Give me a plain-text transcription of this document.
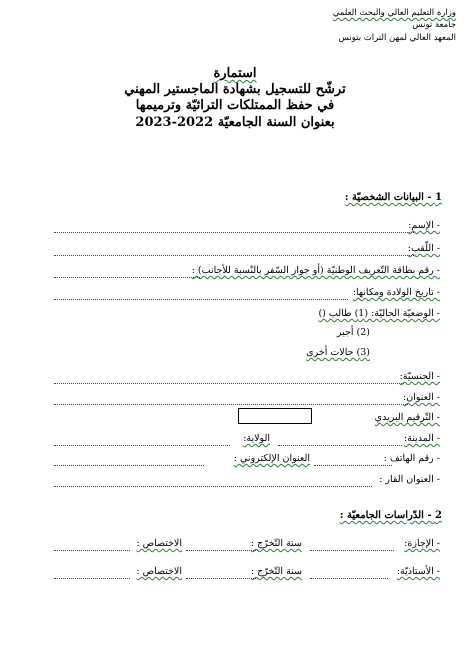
وزارة التعليم العالي والبحث العلمي
جامعة تونس
المعهد العالي لمهن التراث بتونس
استمارة
ترشّح للتسجيل بشهادة الماجستير المهني
في حفظ الممتلكات التراثيّة وترميمها
بعنوان السنة الجامعيّة 2022-2023
1 - البيانات الشخصيّة :
- الإسم:
- اللّقب:
- رقم بطاقة التّعريف الوطنيّة (أو جواز السّفر بالنّسبة للأجانب) :
- تاريخ الولادة ومكانها:
- الوضعيّة الحاليّة: (1) طالب ()
(2) أجير
(3) حالات أخرى
- الجنسيّة:
- العنوان:
- التّرقيم البريدي
- المدينة:
الولاية:
- رقم الهاتف :
العنوان الإلكتروني :
- العنوان القار :
2 - الدّراسات الجامعيّة :
- الإجازة:
سنة التّخرّج :
الاختصاص :
- الأستاذيّة:
سنة التّخرّج :
الاختصاص :
